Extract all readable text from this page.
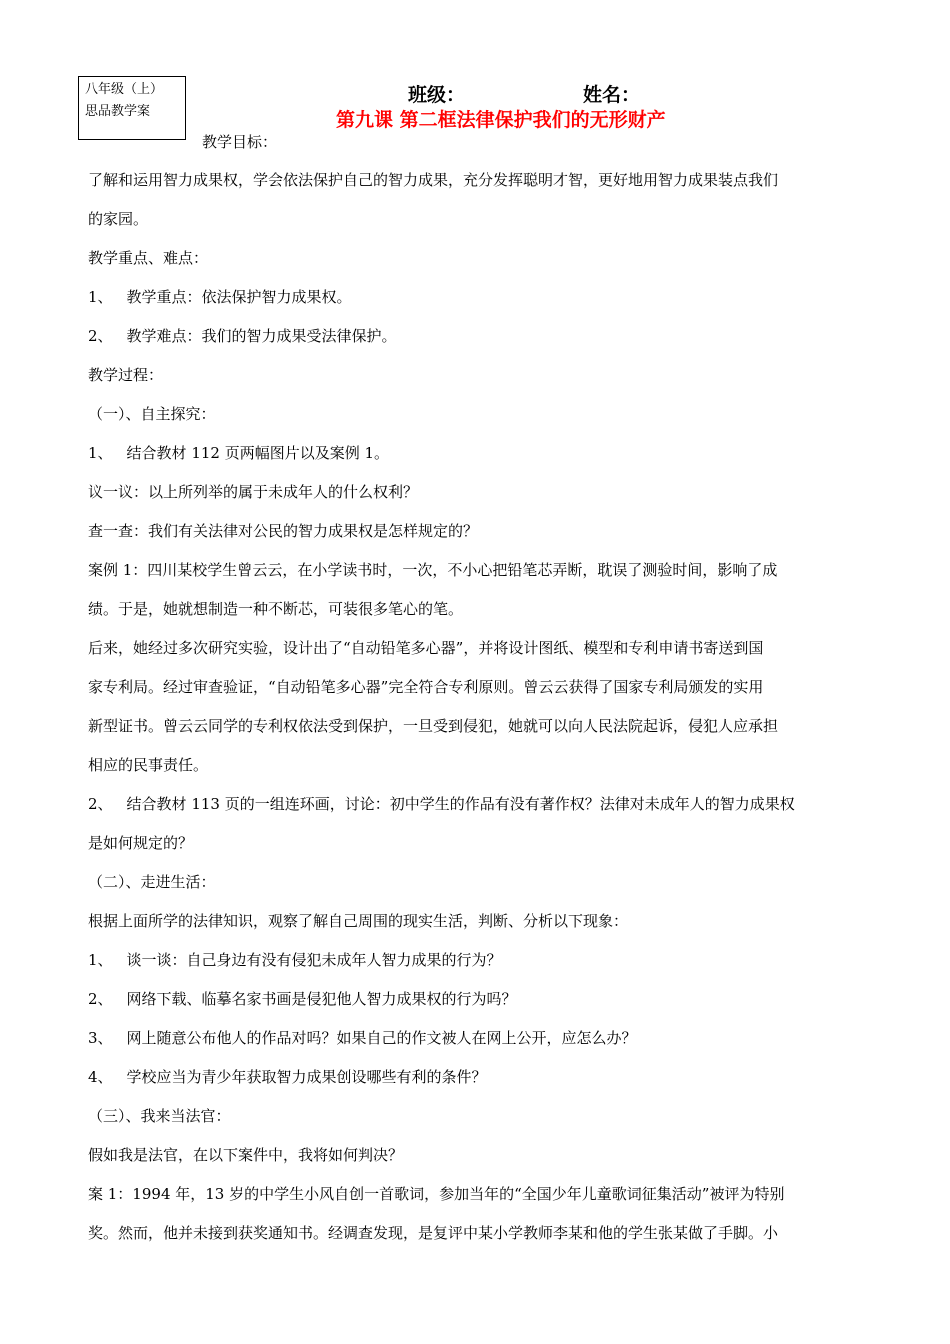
八年级（上）
思品教学案
班级：	姓名：
第九课 第二框法律保护我们的无形财产
教学目标：

了解和运用智力成果权，学会依法保护自己的智力成果，充分发挥聪明才智，更好地用智力成果装点我们

的家园。

教学重点、难点：

1、 教学重点：依法保护智力成果权。

2、 教学难点：我们的智力成果受法律保护。

教学过程：

（一）、自主探究：

1、 结合教材 112 页两幅图片以及案例 1。

议一议：以上所列举的属于未成年人的什么权利？

查一查：我们有关法律对公民的智力成果权是怎样规定的？

案例 1：四川某校学生曾云云，在小学读书时，一次，不小心把铅笔芯弄断，耽误了测验时间，影响了成

绩。于是，她就想制造一种不断芯，可装很多笔心的笔。

后来，她经过多次研究实验，设计出了“自动铅笔多心器”，并将设计图纸、模型和专利申请书寄送到国

家专利局。经过审查验证，“自动铅笔多心器”完全符合专利原则。曾云云获得了国家专利局颁发的实用

新型证书。曾云云同学的专利权依法受到保护，一旦受到侵犯，她就可以向人民法院起诉，侵犯人应承担

相应的民事责任。

2、 结合教材 113 页的一组连环画，讨论：初中学生的作品有没有著作权？法律对未成年人的智力成果权

是如何规定的？

（二）、走进生活：

根据上面所学的法律知识，观察了解自己周围的现实生活，判断、分析以下现象：

1、 谈一谈：自己身边有没有侵犯未成年人智力成果的行为？

2、 网络下载、临摹名家书画是侵犯他人智力成果权的行为吗？

3、 网上随意公布他人的作品对吗？如果自己的作文被人在网上公开，应怎么办？

4、 学校应当为青少年获取智力成果创设哪些有利的条件？

（三）、我来当法官：

假如我是法官，在以下案件中，我将如何判决？

案 1：1994 年，13 岁的中学生小风自创一首歌词，参加当年的“全国少年儿童歌词征集活动”被评为特别

奖。然而，他并未接到获奖通知书。经调查发现，是复评中某小学教师李某和他的学生张某做了手脚。小
